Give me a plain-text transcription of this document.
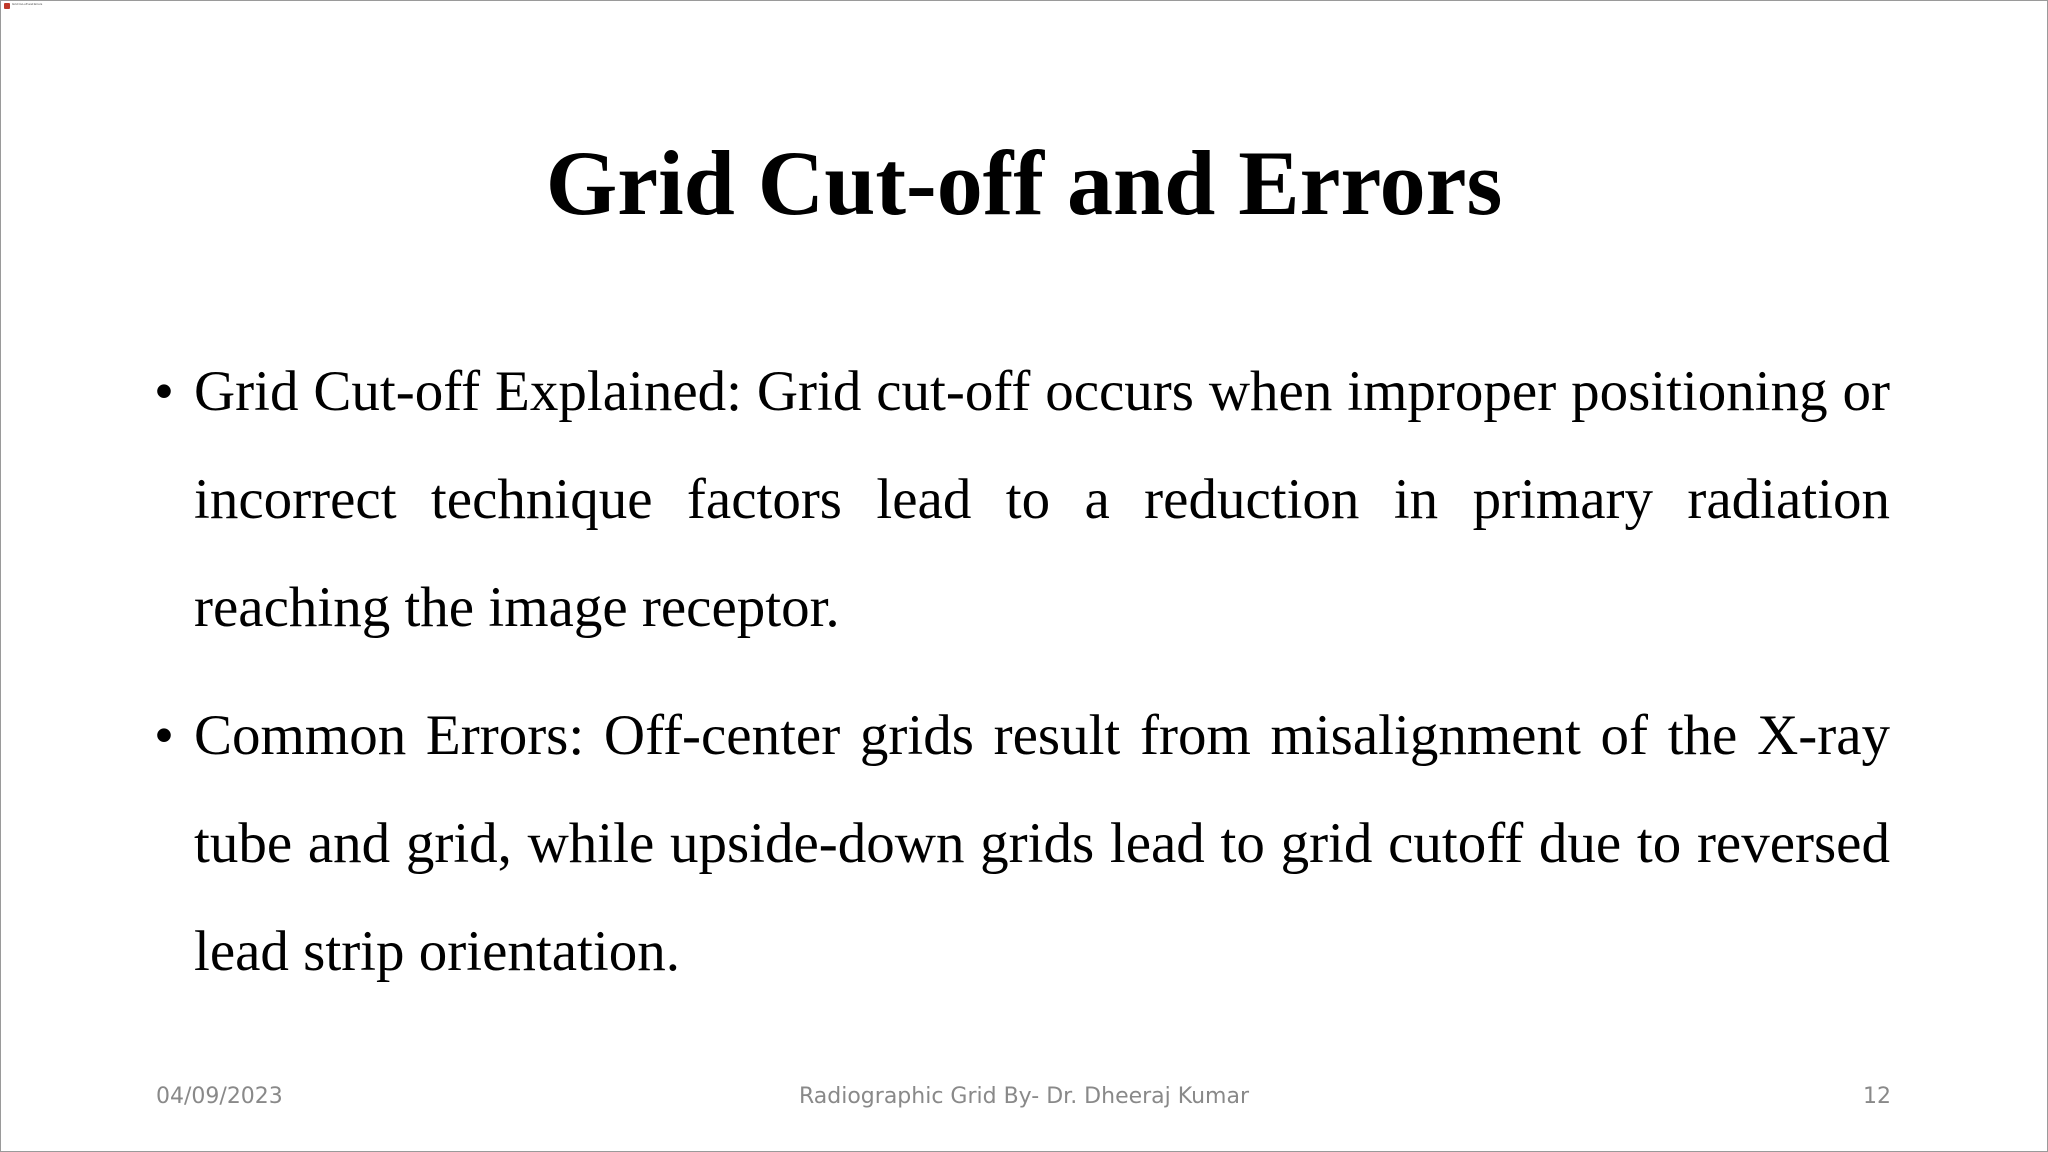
Grid Cut-off and Errors
Grid Cut-off and Errors
• Grid Cut-off Explained: Grid cut-off occurs when improper positioning or incorrect technique factors lead to a reduction in primary radiation reaching the image receptor.
• Common Errors: Off-center grids result from misalignment of the X-ray tube and grid, while upside-down grids lead to grid cutoff due to reversed lead strip orientation.
Radiographic Grid By- Dr. Dheeraj Kumar
04/09/2023	12
